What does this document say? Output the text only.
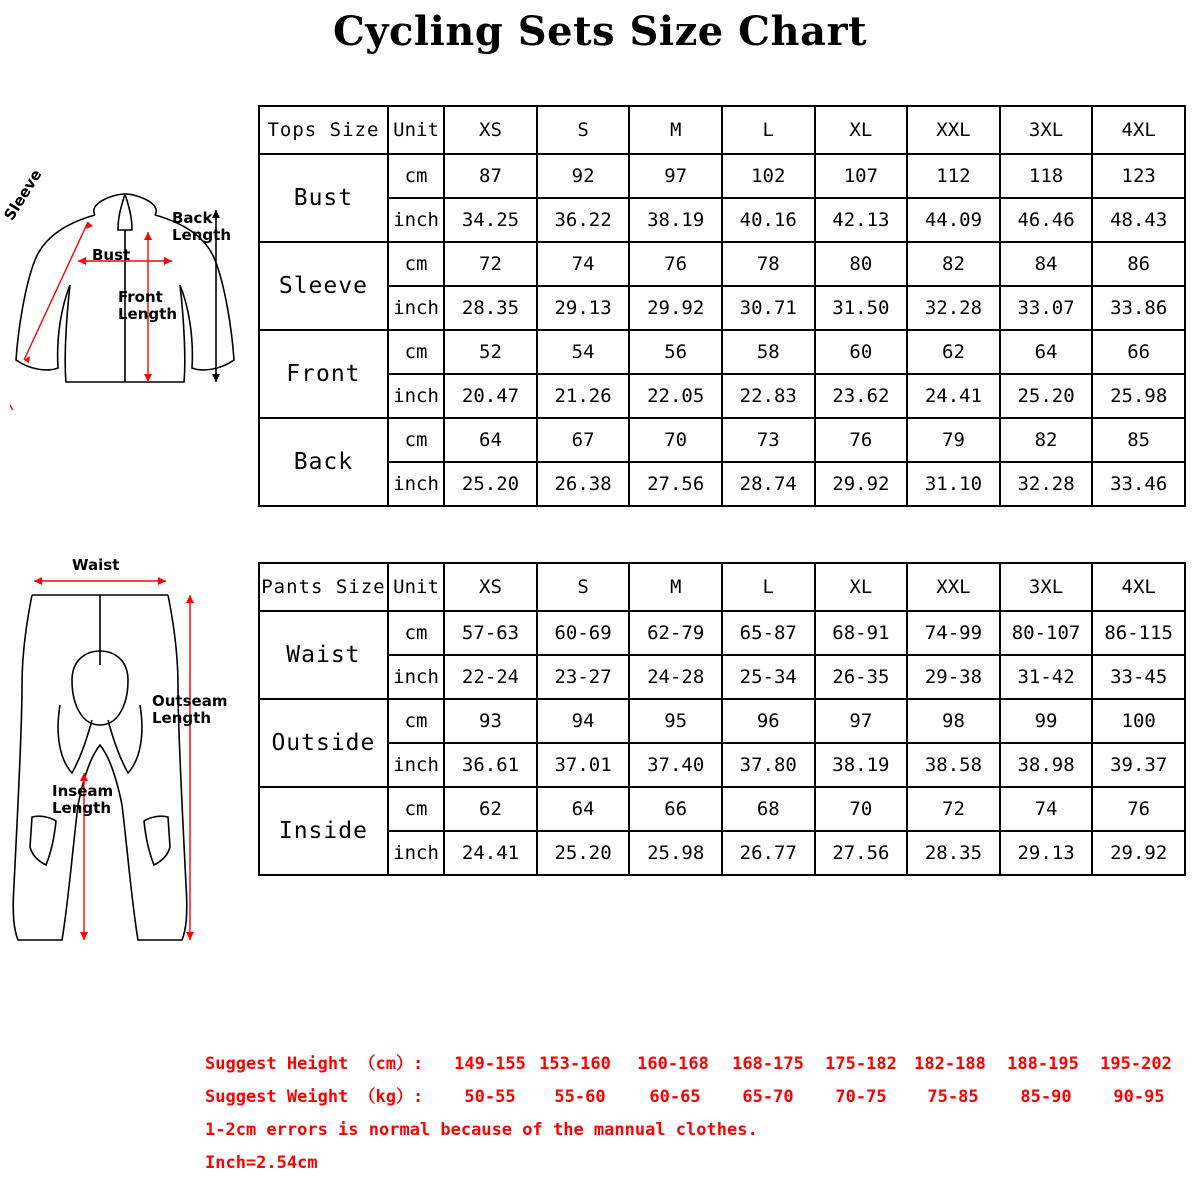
Cycling Sets Size Chart
Sleeve
Bust
Back Length
Front Length
Waist
Outseam Length
Inseam Length
Tops Size	Unit	XS	S	M	L	XL	XXL	3XL	4XL
Bust	cm	87	92	97	102	107	112	118	123
	inch	34.25	36.22	38.19	40.16	42.13	44.09	46.46	48.43
Sleeve	cm	72	74	76	78	80	82	84	86
	inch	28.35	29.13	29.92	30.71	31.50	32.28	33.07	33.86
Front	cm	52	54	56	58	60	62	64	66
	inch	20.47	21.26	22.05	22.83	23.62	24.41	25.20	25.98
Back	cm	64	67	70	73	76	79	82	85
	inch	25.20	26.38	27.56	28.74	29.92	31.10	32.28	33.46
Pants Size	Unit	XS	S	M	L	XL	XXL	3XL	4XL
Waist	cm	57-63	60-69	62-79	65-87	68-91	74-99	80-107	86-115
	inch	22-24	23-27	24-28	25-34	26-35	29-38	31-42	33-45
Outside	cm	93	94	95	96	97	98	99	100
	inch	36.61	37.01	37.40	37.80	38.19	38.58	38.98	39.37
Inside	cm	62	64	66	68	70	72	74	76
	inch	24.41	25.20	25.98	26.77	27.56	28.35	29.13	29.92
Suggest Height （cm）: 149-155 153-160 160-168 168-175 175-182 182-188 188-195 195-202
Suggest Weight （kg）:	50-55	55-60	60-65	65-70	70-75	75-85	85-90	90-95
1-2cm errors is normal because of the mannual clothes.
Inch=2.54cm
